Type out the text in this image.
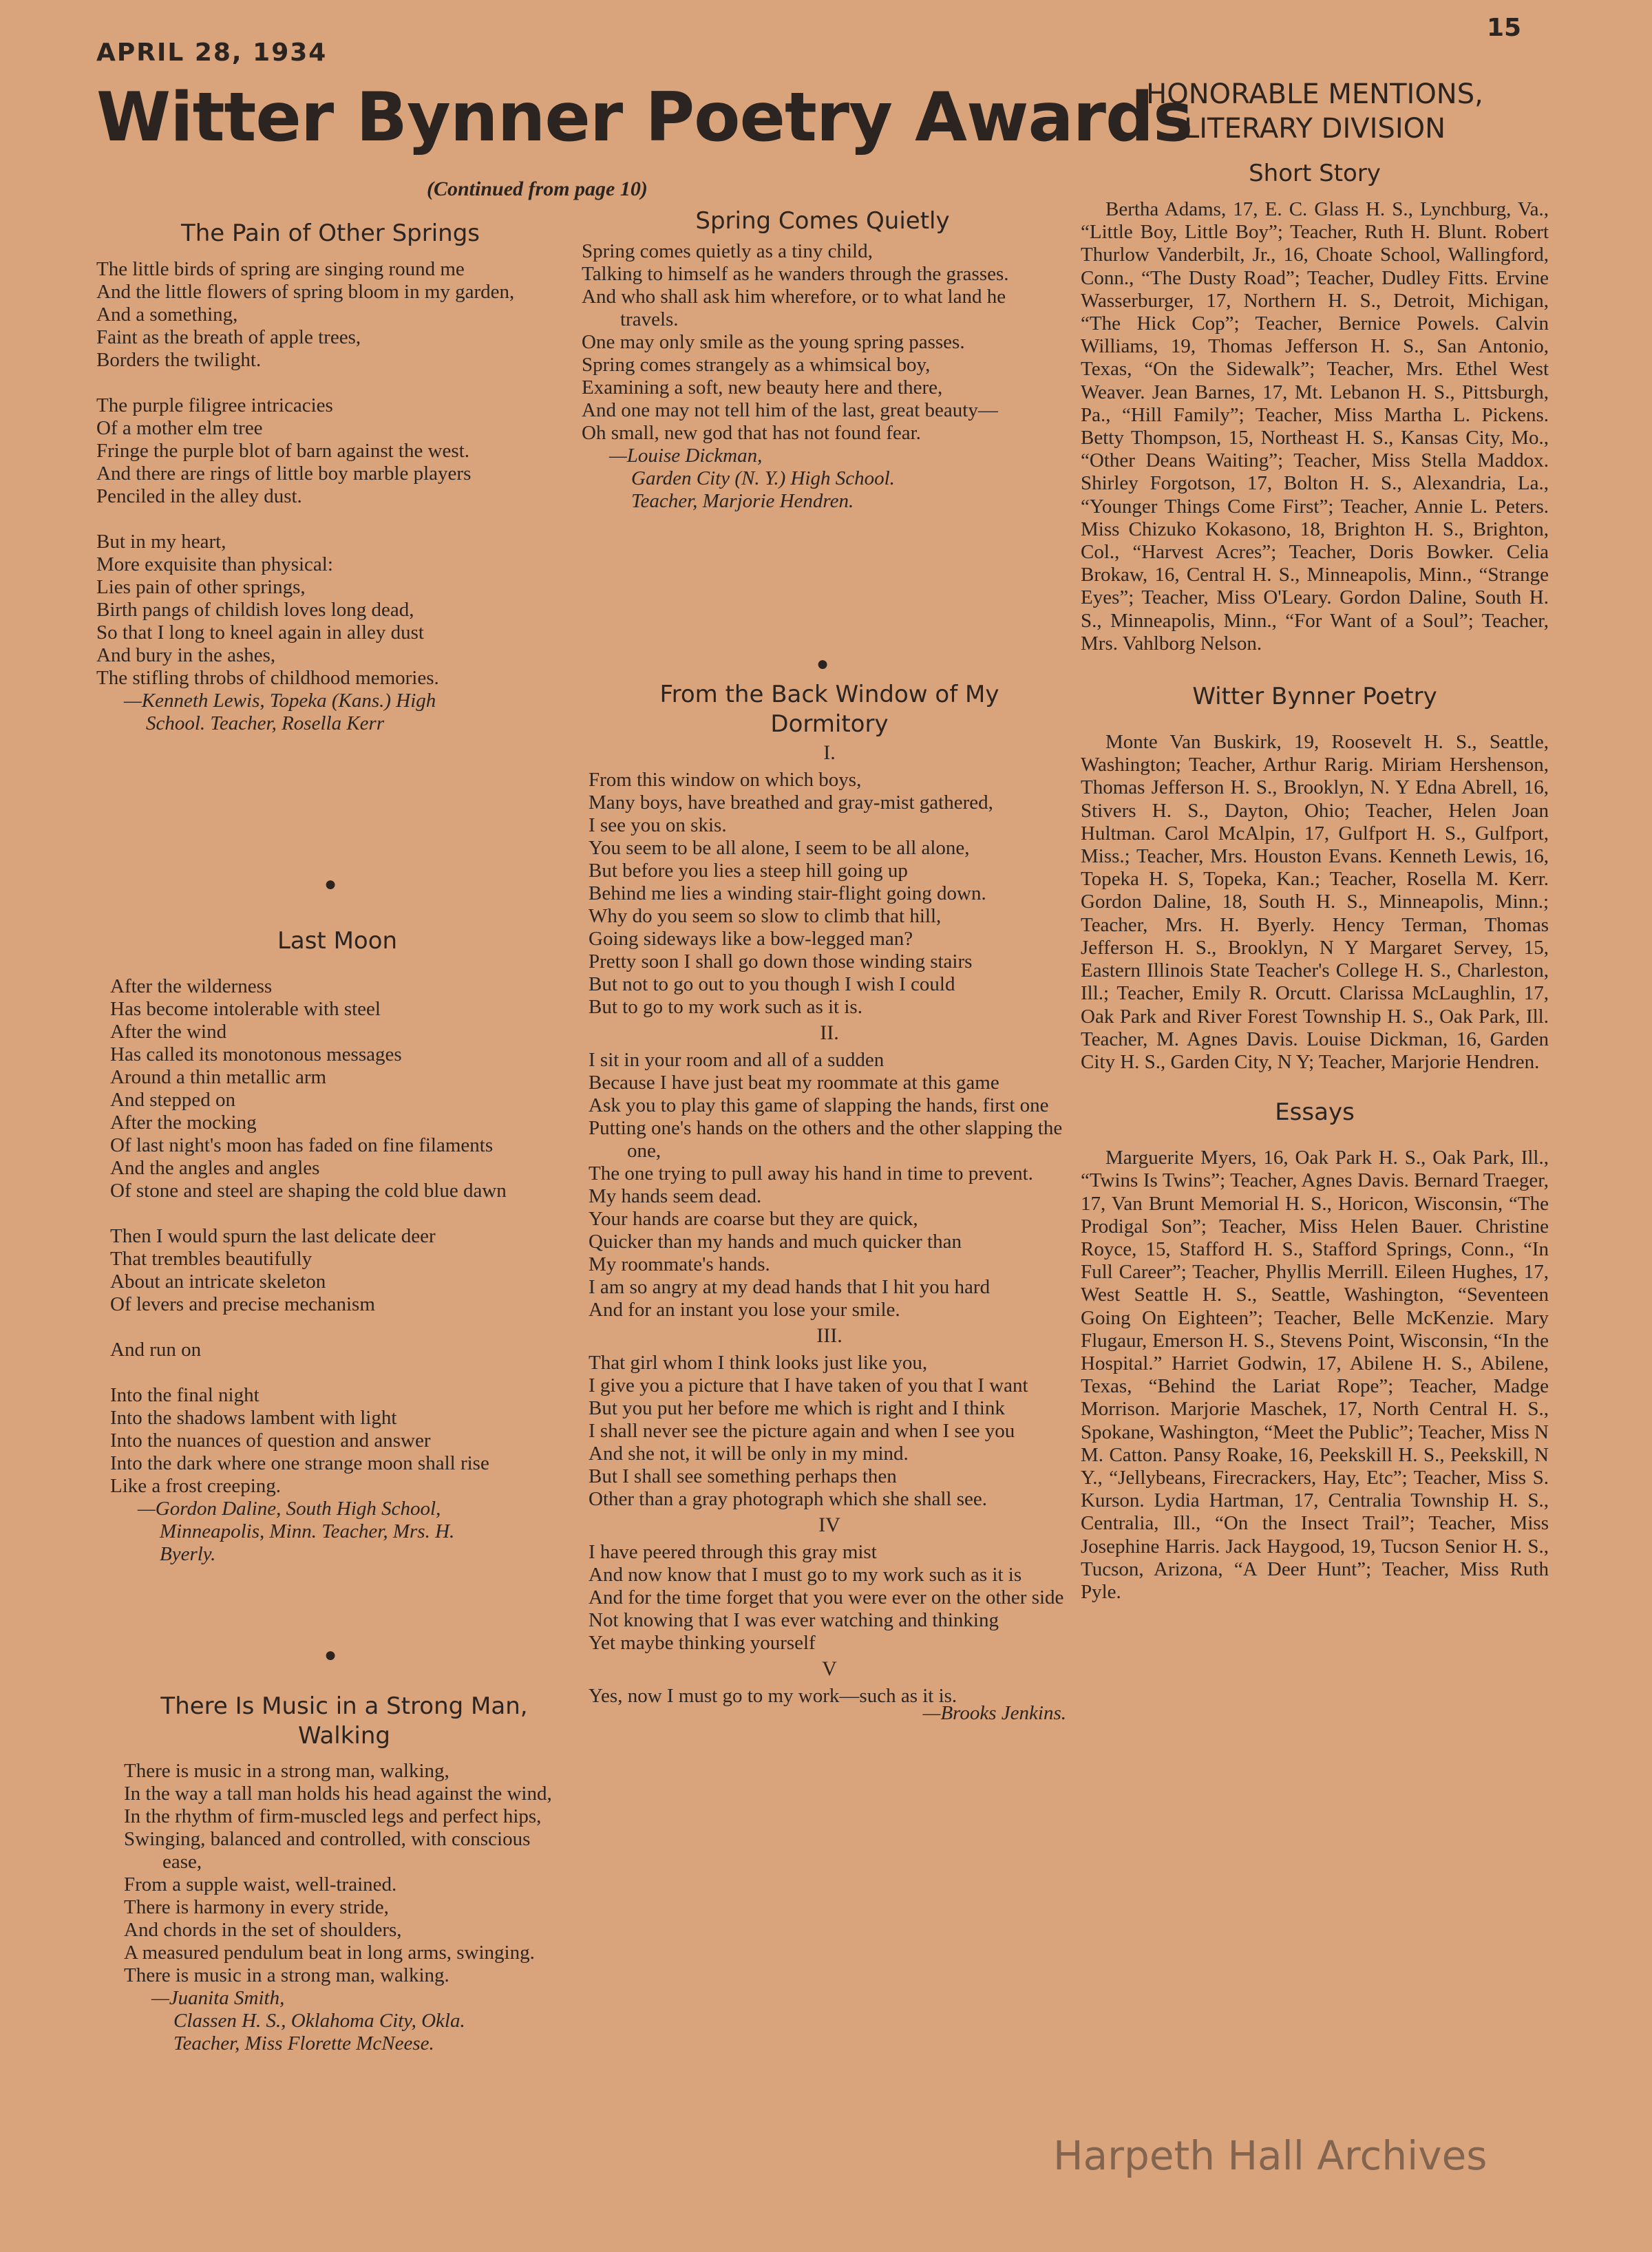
APRIL 28, 1934
15
Witter Bynner Poetry Awards
(Continued from page 10)
The Pain of Other Springs
The little birds of spring are singing round me
And the little flowers of spring bloom in my garden,
And a something,
Faint as the breath of apple trees,
Borders the twilight.
The purple filigree intricacies
Of a mother elm tree
Fringe the purple blot of barn against the west.
And there are rings of little boy marble players
Penciled in the alley dust.
But in my heart,
More exquisite than physical:
Lies pain of other springs,
Birth pangs of childish loves long dead,
So that I long to kneel again in alley dust
And bury in the ashes,
The stifling throbs of childhood memories.
—Kenneth Lewis, Topeka (Kans.) High
School. Teacher, Rosella Kerr
●
Last Moon
After the wilderness
Has become intolerable with steel
After the wind
Has called its monotonous messages
Around a thin metallic arm
And stepped on
After the mocking
Of last night's moon has faded on fine filaments
And the angles and angles
Of stone and steel are shaping the cold blue dawn
Then I would spurn the last delicate deer
That trembles beautifully
About an intricate skeleton
Of levers and precise mechanism
And run on
Into the final night
Into the shadows lambent with light
Into the nuances of question and answer
Into the dark where one strange moon shall rise
Like a frost creeping.
—Gordon Daline, South High School,
Minneapolis, Minn. Teacher, Mrs. H.
Byerly.
●
There Is Music in a Strong Man, Walking
There is music in a strong man, walking,
In the way a tall man holds his head against the wind,
In the rhythm of firm-muscled legs and perfect hips,
Swinging, balanced and controlled, with conscious ease,
From a supple waist, well-trained.
There is harmony in every stride,
And chords in the set of shoulders,
A measured pendulum beat in long arms, swinging.
There is music in a strong man, walking.
—Juanita Smith,
Classen H. S., Oklahoma City, Okla.
Teacher, Miss Florette McNeese.
Spring Comes Quietly
Spring comes quietly as a tiny child,
Talking to himself as he wanders through the grasses.
And who shall ask him wherefore, or to what land he travels.
One may only smile as the young spring passes.
Spring comes strangely as a whimsical boy,
Examining a soft, new beauty here and there,
And one may not tell him of the last, great beauty—
Oh small, new god that has not found fear.
—Louise Dickman,
Garden City (N. Y.) High School.
Teacher, Marjorie Hendren.
●
From the Back Window of My Dormitory
I.
From this window on which boys,
Many boys, have breathed and gray-mist gathered,
I see you on skis.
You seem to be all alone, I seem to be all alone,
But before you lies a steep hill going up
Behind me lies a winding stair-flight going down.
Why do you seem so slow to climb that hill,
Going sideways like a bow-legged man?
Pretty soon I shall go down those winding stairs
But not to go out to you though I wish I could
But to go to my work such as it is.
II.
I sit in your room and all of a sudden
Because I have just beat my roommate at this game
Ask you to play this game of slapping the hands, first one
Putting one's hands on the others and the other slapping the one,
The one trying to pull away his hand in time to prevent.
My hands seem dead.
Your hands are coarse but they are quick,
Quicker than my hands and much quicker than
My roommate's hands.
I am so angry at my dead hands that I hit you hard
And for an instant you lose your smile.
III.
That girl whom I think looks just like you,
I give you a picture that I have taken of you that I want
But you put her before me which is right and I think
I shall never see the picture again and when I see you
And she not, it will be only in my mind.
But I shall see something perhaps then
Other than a gray photograph which she shall see.
IV
I have peered through this gray mist
And now know that I must go to my work such as it is
And for the time forget that you were ever on the other side
Not knowing that I was ever watching and thinking
Yet maybe thinking yourself
V
Yes, now I must go to my work—such as it is.
—Brooks Jenkins.
HONORABLE MENTIONS,
LITERARY DIVISION
Short Story

Bertha Adams, 17, E. C. Glass H. S., Lynchburg, Va., “Little Boy, Little Boy”; Teacher, Ruth H. Blunt. Robert Thurlow Vanderbilt, Jr., 16, Choate School, Wallingford, Conn., “The Dusty Road”; Teacher, Dudley Fitts. Ervine Wasserburger, 17, Northern H. S., Detroit, Michigan, “The Hick Cop”; Teacher, Bernice Powels. Calvin Williams, 19, Thomas Jefferson H. S., San Antonio, Texas, “On the Sidewalk”; Teacher, Mrs. Ethel West Weaver. Jean Barnes, 17, Mt. Lebanon H. S., Pittsburgh, Pa., “Hill Family”; Teacher, Miss Martha L. Pickens. Betty Thompson, 15, Northeast H. S., Kansas City, Mo., “Other Deans Waiting”; Teacher, Miss Stella Maddox. Shirley Forgotson, 17, Bolton H. S., Alexandria, La., “Younger Things Come First”; Teacher, Annie L. Peters. Miss Chizuko Kokasono, 18, Brighton H. S., Brighton, Col., “Harvest Acres”; Teacher, Doris Bowker. Celia Brokaw, 16, Central H. S., Minneapolis, Minn., “Strange Eyes”; Teacher, Miss O'Leary. Gordon Daline, South H. S., Minneapolis, Minn., “For Want of a Soul”; Teacher, Mrs. Vahlborg Nelson.

Witter Bynner Poetry

Monte Van Buskirk, 19, Roosevelt H. S., Seattle, Washington; Teacher, Arthur Rarig. Miriam Hershenson, Thomas Jefferson H. S., Brooklyn, N. Y Edna Abrell, 16, Stivers H. S., Dayton, Ohio; Teacher, Helen Joan Hultman. Carol McAlpin, 17, Gulfport H. S., Gulfport, Miss.; Teacher, Mrs. Houston Evans. Kenneth Lewis, 16, Topeka H. S, Topeka, Kan.; Teacher, Rosella M. Kerr. Gordon Daline, 18, South H. S., Minneapolis, Minn.; Teacher, Mrs. H. Byerly. Hency Terman, Thomas Jefferson H. S., Brooklyn, N Y Margaret Servey, 15, Eastern Illinois State Teacher's College H. S., Charleston, Ill.; Teacher, Emily R. Orcutt. Clarissa McLaughlin, 17, Oak Park and River Forest Township H. S., Oak Park, Ill. Teacher, M. Agnes Davis. Louise Dickman, 16, Garden City H. S., Garden City, N Y; Teacher, Marjorie Hendren.

Essays

Marguerite Myers, 16, Oak Park H. S., Oak Park, Ill., “Twins Is Twins”; Teacher, Agnes Davis. Bernard Traeger, 17, Van Brunt Memorial H. S., Horicon, Wisconsin, “The Prodigal Son”; Teacher, Miss Helen Bauer. Christine Royce, 15, Stafford H. S., Stafford Springs, Conn., “In Full Career”; Teacher, Phyllis Merrill. Eileen Hughes, 17, West Seattle H. S., Seattle, Washington, “Seventeen Going On Eighteen”; Teacher, Belle McKenzie. Mary Flugaur, Emerson H. S., Stevens Point, Wisconsin, “In the Hospital.” Harriet Godwin, 17, Abilene H. S., Abilene, Texas, “Behind the Lariat Rope”; Teacher, Madge Morrison. Marjorie Maschek, 17, North Central H. S., Spokane, Washington, “Meet the Public”; Teacher, Miss N M. Catton. Pansy Roake, 16, Peekskill H. S., Peekskill, N Y., “Jellybeans, Firecrackers, Hay, Etc”; Teacher, Miss S. Kurson. Lydia Hartman, 17, Centralia Township H. S., Centralia, Ill., “On the Insect Trail”; Teacher, Miss Josephine Harris. Jack Haygood, 19, Tucson Senior H. S., Tucson, Arizona, “A Deer Hunt”; Teacher, Miss Ruth Pyle.

Harpeth Hall Archives
